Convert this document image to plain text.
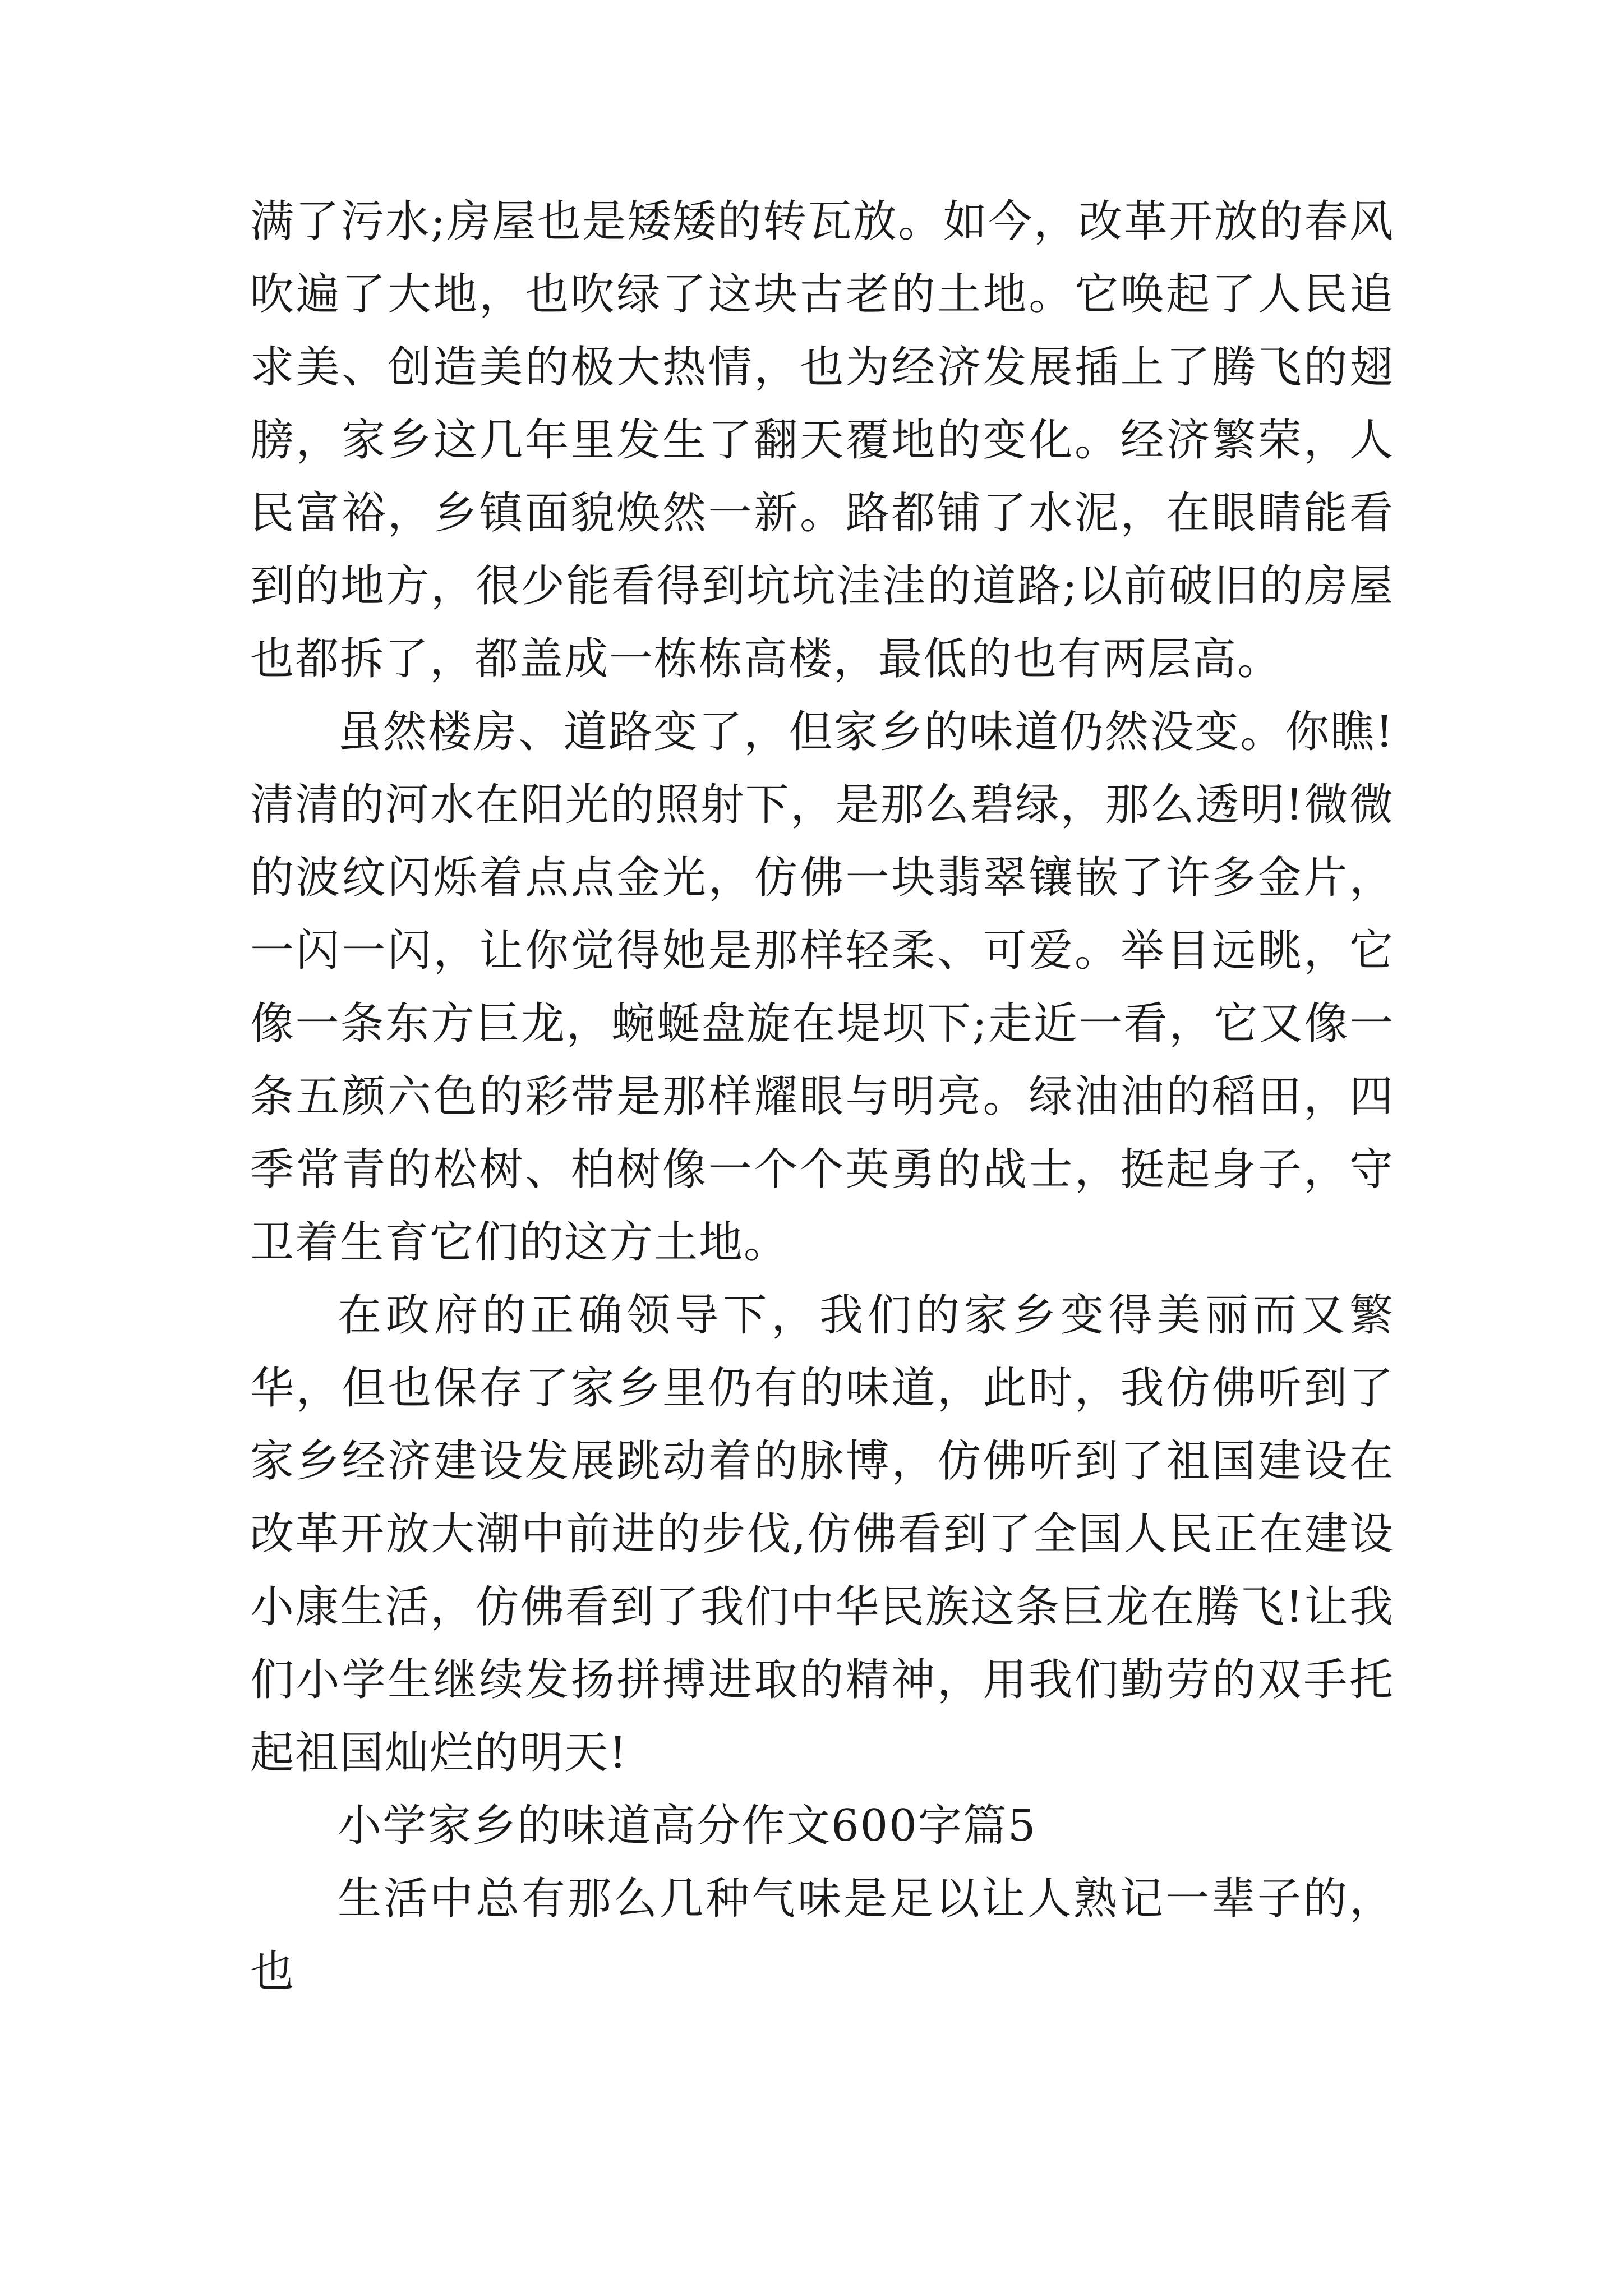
满了污水;房屋也是矮矮的转瓦放。如今，改革开放的春风吹遍了大地，也吹绿了这块古老的土地。它唤起了人民追求美、创造美的极大热情，也为经济发展插上了腾飞的翅膀，家乡这几年里发生了翻天覆地的变化。经济繁荣，人民富裕，乡镇面貌焕然一新。路都铺了水泥，在眼睛能看到的地方，很少能看得到坑坑洼洼的道路;以前破旧的房屋也都拆了，都盖成一栋栋高楼，最低的也有两层高。

虽然楼房、道路变了，但家乡的味道仍然没变。你瞧!清清的河水在阳光的照射下，是那么碧绿，那么透明!微微的波纹闪烁着点点金光，仿佛一块翡翠镶嵌了许多金片，一闪一闪，让你觉得她是那样轻柔、可爱。举目远眺，它像一条东方巨龙，蜿蜒盘旋在堤坝下;走近一看，它又像一条五颜六色的彩带是那样耀眼与明亮。绿油油的稻田，四季常青的松树、柏树像一个个英勇的战士，挺起身子，守卫着生育它们的这方土地。

在政府的正确领导下，我们的家乡变得美丽而又繁华，但也保存了家乡里仍有的味道，此时，我仿佛听到了家乡经济建设发展跳动着的脉博，仿佛听到了祖国建设在改革开放大潮中前进的步伐,仿佛看到了全国人民正在建设小康生活，仿佛看到了我们中华民族这条巨龙在腾飞!让我们小学生继续发扬拼搏进取的精神，用我们勤劳的双手托起祖国灿烂的明天!

小学家乡的味道高分作文600字篇5

生活中总有那么几种气味是足以让人熟记一辈子的，也
